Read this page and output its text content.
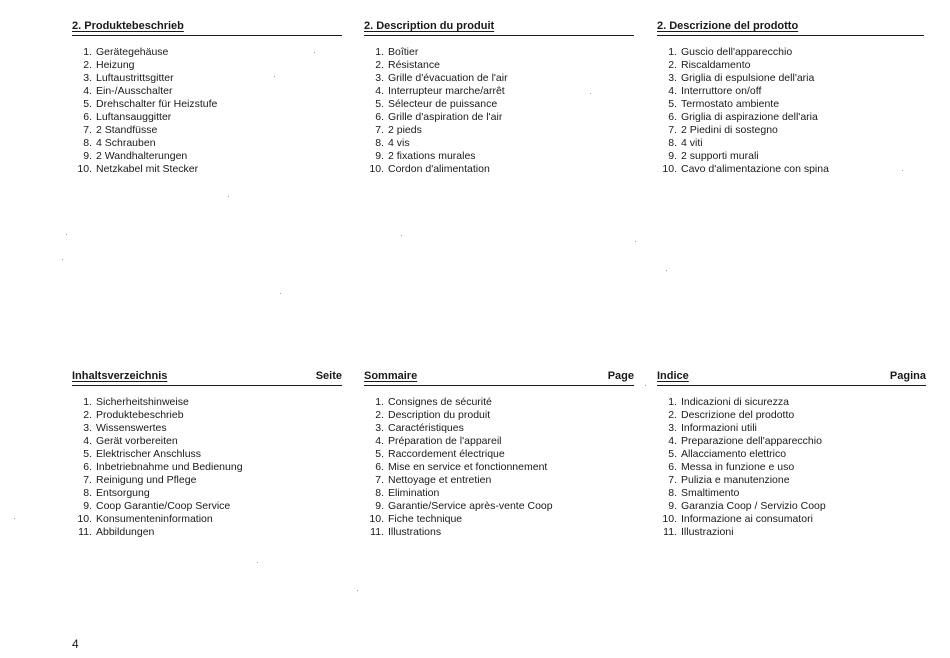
2. Produktebeschrieb
1. Gerätegehäuse
2. Heizung
3. Luftaustrittsgitter
4. Ein-/Ausschalter
5. Drehschalter für Heizstufe
6. Luftansauggitter
7. 2 Standfüsse
8. 4 Schrauben
9. 2 Wandhalterungen
10. Netzkabel mit Stecker
2. Description du produit
1. Boîtier
2. Résistance
3. Grille d'évacuation de l'air
4. Interrupteur marche/arrêt
5. Sélecteur de puissance
6. Grille d'aspiration de l'air
7. 2 pieds
8. 4 vis
9. 2 fixations murales
10. Cordon d'alimentation
2. Descrizione del prodotto
1. Guscio dell'apparecchio
2. Riscaldamento
3. Griglia di espulsione dell'aria
4. Interruttore on/off
5. Termostato ambiente
6. Griglia di aspirazione dell'aria
7. 2 Piedini di sostegno
8. 4 viti
9. 2 supporti murali
10. Cavo d'alimentazione con spina
Inhaltsverzeichnis	Seite
1. Sicherheitshinweise
2. Produktebeschrieb
3. Wissenswertes
4. Gerät vorbereiten
5. Elektrischer Anschluss
6. Inbetriebnahme und Bedienung
7. Reinigung und Pflege
8. Entsorgung
9. Coop Garantie/Coop Service
10. Konsumenteninformation
11. Abbildungen
Sommaire	Page
1. Consignes de sécurité
2. Description du produit
3. Caractéristiques
4. Préparation de l'appareil
5. Raccordement électrique
6. Mise en service et fonctionnement
7. Nettoyage et entretien
8. Elimination
9. Garantie/Service après-vente Coop
10. Fiche technique
11. Illustrations
Indice	Pagina
1. Indicazioni di sicurezza
2. Descrizione del prodotto
3. Informazioni utili
4. Preparazione dell'apparecchio
5. Allacciamento elettrico
6. Messa in funzione e uso
7. Pulizia e manutenzione
8. Smaltimento
9. Garanzia Coop / Servizio Coop
10. Informazione ai consumatori
11. Illustrazioni
4
